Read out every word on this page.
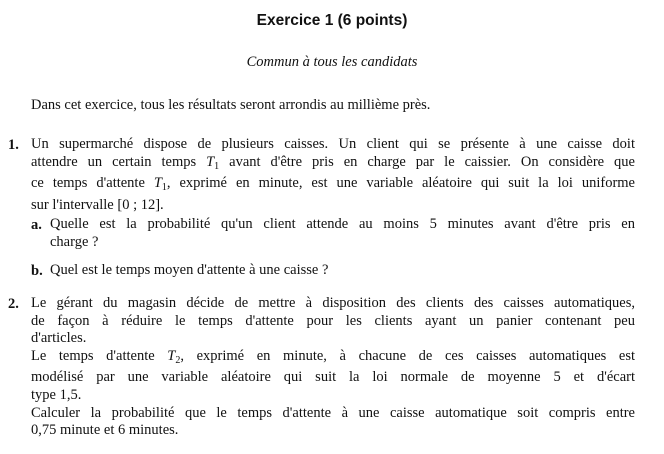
Exercice 1 (6 points)
Commun à tous les candidats
Dans cet exercice, tous les résultats seront arrondis au millième près.
1. Un supermarché dispose de plusieurs caisses. Un client qui se présente à une caisse doit
attendre un certain temps $T_1$ avant d'être pris en charge par le caissier. On considère que
ce temps d'attente $T_1$, exprimé en minute, est une variable aléatoire qui suit la loi uniforme
sur l'intervalle [0 ; 12].
a. Quelle est la probabilité qu'un client attende au moins 5 minutes avant d'être pris en
charge ?
b. Quel est le temps moyen d'attente à une caisse ?
2. Le gérant du magasin décide de mettre à disposition des clients des caisses automatiques,
de façon à réduire le temps d'attente pour les clients ayant un panier contenant peu
d'articles.
Le temps d'attente $T_2$, exprimé en minute, à chacune de ces caisses automatiques est
modélisé par une variable aléatoire qui suit la loi normale de moyenne 5 et d'écart
type 1,5.
Calculer la probabilité que le temps d'attente à une caisse automatique soit compris entre
0,75 minute et 6 minutes.
